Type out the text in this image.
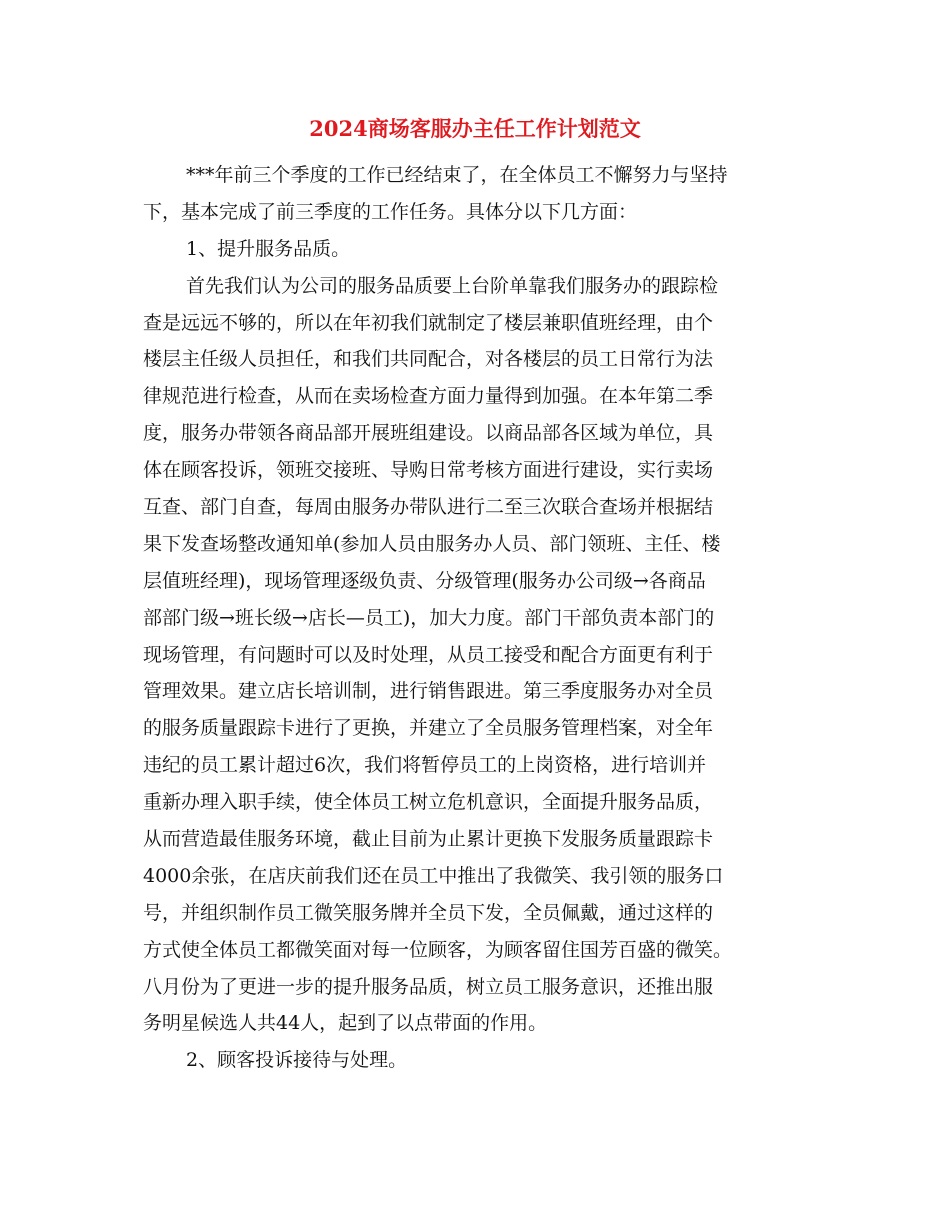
2024商场客服办主任工作计划范文
***年前三个季度的工作已经结束了，在全体员工不懈努力与坚持
下，基本完成了前三季度的工作任务。具体分以下几方面：
1、提升服务品质。
首先我们认为公司的服务品质要上台阶单靠我们服务办的跟踪检
查是远远不够的，所以在年初我们就制定了楼层兼职值班经理，由个
楼层主任级人员担任，和我们共同配合，对各楼层的员工日常行为法
律规范进行检查，从而在卖场检查方面力量得到加强。在本年第二季
度，服务办带领各商品部开展班组建设。以商品部各区域为单位，具
体在顾客投诉，领班交接班、导购日常考核方面进行建设，实行卖场
互查、部门自查，每周由服务办带队进行二至三次联合查场并根据结
果下发查场整改通知单(参加人员由服务办人员、部门领班、主任、楼
层值班经理)，现场管理逐级负责、分级管理(服务办公司级→各商品
部部门级→班长级→店长—员工)，加大力度。部门干部负责本部门的
现场管理，有问题时可以及时处理，从员工接受和配合方面更有利于
管理效果。建立店长培训制，进行销售跟进。第三季度服务办对全员
的服务质量跟踪卡进行了更换，并建立了全员服务管理档案，对全年
违纪的员工累计超过6次，我们将暂停员工的上岗资格，进行培训并
重新办理入职手续，使全体员工树立危机意识，全面提升服务品质，
从而营造最佳服务环境，截止目前为止累计更换下发服务质量跟踪卡
4000余张，在店庆前我们还在员工中推出了我微笑、我引领的服务口
号，并组织制作员工微笑服务牌并全员下发，全员佩戴，通过这样的
方式使全体员工都微笑面对每一位顾客，为顾客留住国芳百盛的微笑。
八月份为了更进一步的提升服务品质，树立员工服务意识，还推出服
务明星候选人共44人，起到了以点带面的作用。
2、顾客投诉接待与处理。
